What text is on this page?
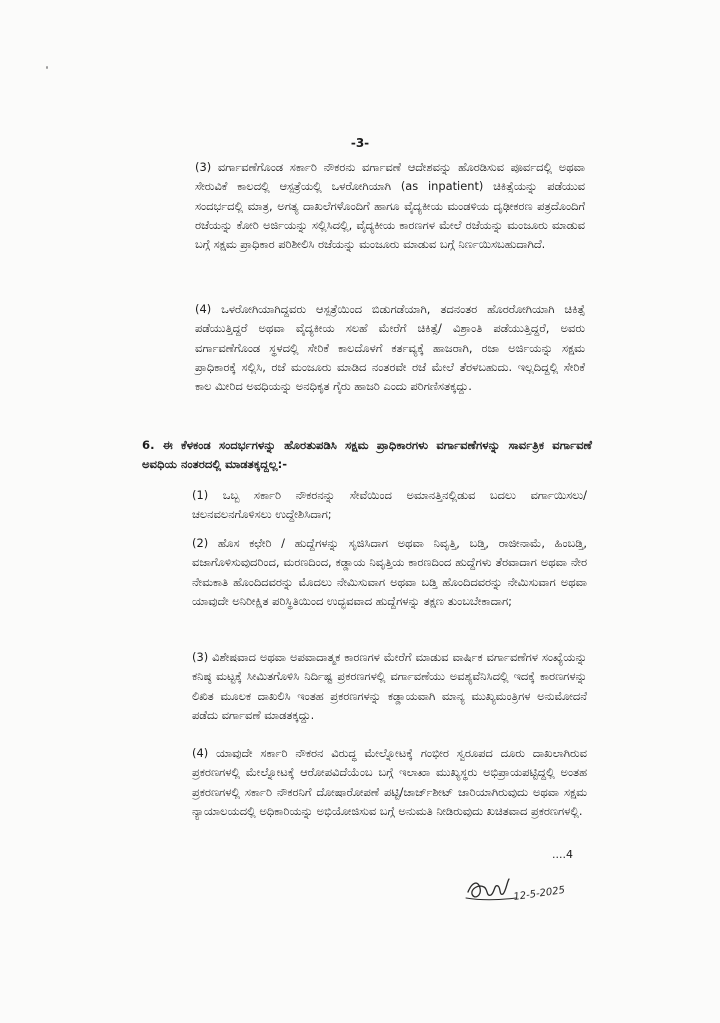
-3-

(3) ವರ್ಗಾವಣೆಗೊಂಡ ಸರ್ಕಾರಿ ನೌಕರನು ವರ್ಗಾವಣೆ ಆದೇಶವನ್ನು ಹೊರಡಿಸುವ ಪೂರ್ವದಲ್ಲಿ ಅಥವಾ ಸೇರುವಿಕೆ ಕಾಲದಲ್ಲಿ ಆಸ್ಪತ್ರೆಯಲ್ಲಿ ಒಳರೋಗಿಯಾಗಿ (as inpatient) ಚಿಕಿತ್ಸೆಯನ್ನು ಪಡೆಯುವ ಸಂದರ್ಭದಲ್ಲಿ ಮಾತ್ರ, ಅಗತ್ಯ ದಾಖಲೆಗಳೊಂದಿಗೆ ಹಾಗೂ ವೈದ್ಯಕೀಯ ಮಂಡಳಿಯ ದೃಢೀಕರಣ ಪತ್ರದೊಂದಿಗೆ ರಜೆಯನ್ನು ಕೋರಿ ಅರ್ಜಿಯನ್ನು ಸಲ್ಲಿಸಿದಲ್ಲಿ, ವೈದ್ಯಕೀಯ ಕಾರಣಗಳ ಮೇಲೆ ರಜೆಯನ್ನು ಮಂಜೂರು ಮಾಡುವ ಬಗ್ಗೆ ಸಕ್ಷಮ ಪ್ರಾಧಿಕಾರ ಪರಿಶೀಲಿಸಿ ರಜೆಯನ್ನು ಮಂಜೂರು ಮಾಡುವ ಬಗ್ಗೆ ನಿರ್ಣಯಿಸಬಹುದಾಗಿದೆ.

(4) ಒಳರೋಗಿಯಾಗಿದ್ದವರು ಆಸ್ಪತ್ರೆಯಿಂದ ಬಿಡುಗಡೆಯಾಗಿ, ತದನಂತರ ಹೊರರೋಗಿಯಾಗಿ ಚಿಕಿತ್ಸೆ ಪಡೆಯುತ್ತಿದ್ದರೆ ಅಥವಾ ವೈದ್ಯಕೀಯ ಸಲಹೆ ಮೇರೆಗೆ ಚಿಕಿತ್ಸೆ/ ವಿಶ್ರಾಂತಿ ಪಡೆಯುತ್ತಿದ್ದರೆ, ಅವರು ವರ್ಗಾವಣೆಗೊಂಡ ಸ್ಥಳದಲ್ಲಿ ಸೇರಿಕೆ ಕಾಲದೊಳಗೆ ಕರ್ತವ್ಯಕ್ಕೆ ಹಾಜರಾಗಿ, ರಜಾ ಅರ್ಜಿಯನ್ನು ಸಕ್ಷಮ ಪ್ರಾಧಿಕಾರಕ್ಕೆ ಸಲ್ಲಿಸಿ, ರಜೆ ಮಂಜೂರು ಮಾಡಿದ ನಂತರವೇ ರಜೆ ಮೇಲೆ ತೆರಳಬಹುದು. ಇಲ್ಲದಿದ್ದಲ್ಲಿ ಸೇರಿಕೆ ಕಾಲ ಮೀರಿದ ಅವಧಿಯನ್ನು ಅನಧಿಕೃತ ಗೈರು ಹಾಜರಿ ಎಂದು ಪರಿಗಣಿಸತಕ್ಕದ್ದು.

6. ಈ ಕೆಳಕಂಡ ಸಂದರ್ಭಗಳನ್ನು ಹೊರತುಪಡಿಸಿ ಸಕ್ಷಮ ಪ್ರಾಧಿಕಾರಗಳು ವರ್ಗಾವಣೆಗಳನ್ನು ಸಾರ್ವತ್ರಿಕ ವರ್ಗಾವಣೆ ಅವಧಿಯ ನಂತರದಲ್ಲಿ ಮಾಡತಕ್ಕದ್ದಲ್ಲ:-

(1) ಒಬ್ಬ ಸರ್ಕಾರಿ ನೌಕರನನ್ನು ಸೇವೆಯಿಂದ ಅಮಾನತ್ತಿನಲ್ಲಿಡುವ ಬದಲು ವರ್ಗಾಯಿಸಲು/ ಚಲನವಲನಗೊಳಿಸಲು ಉದ್ದೇಶಿಸಿದಾಗ;

(2) ಹೊಸ ಕಛೇರಿ / ಹುದ್ದೆಗಳನ್ನು ಸೃಜಿಸಿದಾಗ ಅಥವಾ ನಿವೃತ್ತಿ, ಬಡ್ತಿ, ರಾಜೀನಾಮೆ, ಹಿಂಬಡ್ತಿ, ವಜಾಗೊಳಿಸುವುದರಿಂದ, ಮರಣದಿಂದ, ಕಡ್ಡಾಯ ನಿವೃತ್ತಿಯ ಕಾರಣದಿಂದ ಹುದ್ದೆಗಳು ತೆರವಾದಾಗ ಅಥವಾ ನೇರ ನೇಮಕಾತಿ ಹೊಂದಿದವರನ್ನು ಮೊದಲು ನೇಮಿಸುವಾಗ ಅಥವಾ ಬಡ್ತಿ ಹೊಂದಿದವರನ್ನು ನೇಮಿಸುವಾಗ ಅಥವಾ ಯಾವುದೇ ಅನಿರೀಕ್ಷಿತ ಪರಿಸ್ಥಿತಿಯಿಂದ ಉದ್ಭವವಾದ ಹುದ್ದೆಗಳನ್ನು ತಕ್ಷಣ ತುಂಬಬೇಕಾದಾಗ;

(3) ವಿಶೇಷವಾದ ಅಥವಾ ಅಪವಾದಾತ್ಮಕ ಕಾರಣಗಳ ಮೇರೆಗೆ ಮಾಡುವ ವಾರ್ಷಿಕ ವರ್ಗಾವಣೆಗಳ ಸಂಖ್ಯೆಯನ್ನು ಕನಿಷ್ಠ ಮಟ್ಟಕ್ಕೆ ಸೀಮಿತಗೊಳಿಸಿ ನಿರ್ದಿಷ್ಟ ಪ್ರಕರಣಗಳಲ್ಲಿ ವರ್ಗಾವಣೆಯು ಅವಶ್ಯವೆನಿಸಿದಲ್ಲಿ ಇದಕ್ಕೆ ಕಾರಣಗಳನ್ನು ಲಿಖಿತ ಮೂಲಕ ದಾಖಲಿಸಿ ಇಂತಹ ಪ್ರಕರಣಗಳನ್ನು ಕಡ್ಡಾಯವಾಗಿ ಮಾನ್ಯ ಮುಖ್ಯಮಂತ್ರಿಗಳ ಅನುಮೋದನೆ ಪಡೆದು ವರ್ಗಾವಣೆ ಮಾಡತಕ್ಕದ್ದು.

(4) ಯಾವುದೇ ಸರ್ಕಾರಿ ನೌಕರನ ವಿರುದ್ಧ ಮೇಲ್ನೋಟಕ್ಕೆ ಗಂಭೀರ ಸ್ವರೂಪದ ದೂರು ದಾಖಲಾಗಿರುವ ಪ್ರಕರಣಗಳಲ್ಲಿ ಮೇಲ್ನೋಟಕ್ಕೆ ಆರೋಪವಿದೆಯೆಂಬ ಬಗ್ಗೆ ಇಲಾಖಾ ಮುಖ್ಯಸ್ಥರು ಅಭಿಪ್ರಾಯಪಟ್ಟಿದ್ದಲ್ಲಿ ಅಂತಹ ಪ್ರಕರಣಗಳಲ್ಲಿ ಸರ್ಕಾರಿ ನೌಕರನಿಗೆ ದೋಷಾರೋಪಣೆ ಪಟ್ಟಿ/ಚಾರ್ಜ್‌ಶೀಟ್ ಜಾರಿಯಾಗಿರುವುದು ಅಥವಾ ಸಕ್ಷಮ ನ್ಯಾಯಾಲಯದಲ್ಲಿ ಅಧಿಕಾರಿಯನ್ನು ಅಭಿಯೋಜಿಸುವ ಬಗ್ಗೆ ಅನುಮತಿ ನೀಡಿರುವುದು ಖಚಿತವಾದ ಪ್ರಕರಣಗಳಲ್ಲಿ.

....4
12-5-2025
